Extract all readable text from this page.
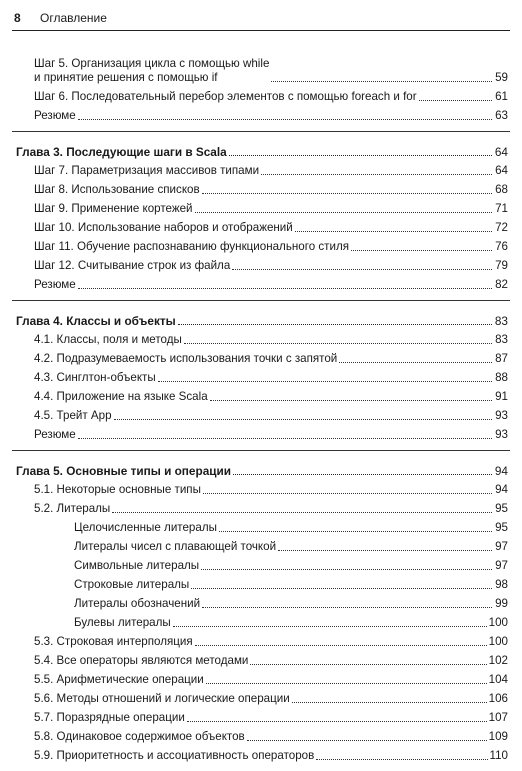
8 Оглавление
Шаг 5. Организация цикла с помощью while
и принятие решения с помощью if	59
Шаг 6. Последовательный перебор элементов с помощью foreach и for	61
Резюме	63
Глава 3. Последующие шаги в Scala	64
Шаг 7. Параметризация массивов типами	64
Шаг 8. Использование списков	68
Шаг 9. Применение кортежей	71
Шаг 10. Использование наборов и отображений	72
Шаг 11. Обучение распознаванию функционального стиля	76
Шаг 12. Считывание строк из файла	79
Резюме	82
Глава 4. Классы и объекты	83
4.1. Классы, поля и методы	83
4.2. Подразумеваемость использования точки с запятой	87
4.3. Синглтон-объекты	88
4.4. Приложение на языке Scala	91
4.5. Трейт App	93
Резюме	93
Глава 5. Основные типы и операции	94
5.1. Некоторые основные типы	94
5.2. Литералы	95
Целочисленные литералы	95
Литералы чисел с плавающей точкой	97
Символьные литералы	97
Строковые литералы	98
Литералы обозначений	99
Булевы литералы	100
5.3. Строковая интерполяция	100
5.4. Все операторы являются методами	102
5.5. Арифметические операции	104
5.6. Методы отношений и логические операции	106
5.7. Поразрядные операции	107
5.8. Одинаковое содержимое объектов	109
5.9. Приоритетность и ассоциативность операторов	110
